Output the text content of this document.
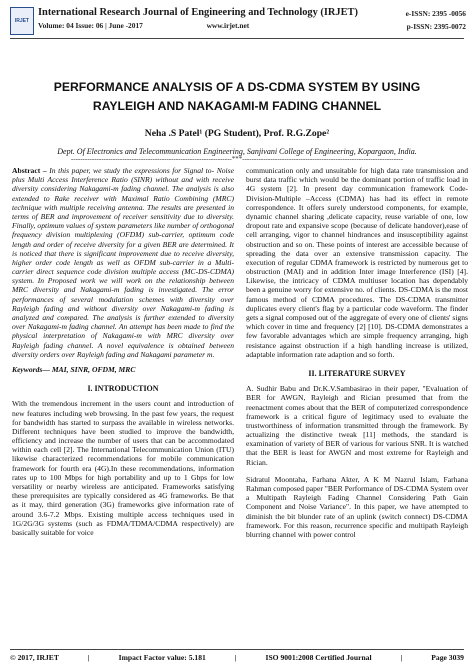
IRJET
International Research Journal of Engineering and Technology (IRJET)
Volume: 04 Issue: 06 | June -2017	www.irjet.net
e-ISSN: 2395 -0056
p-ISSN: 2395-0072
PERFORMANCE ANALYSIS OF A DS-CDMA SYSTEM BY USING RAYLEIGH AND NAKAGAMI-M FADING CHANNEL
Neha .S Patel¹ (PG Student), Prof. R.G.Zope²
Dept. Of Electronics and Telecommunication Engineering, Sanjivani College of Engineering, Kopargaon, India.
---------------------------------------------------------------------***---------------------------------------------------------------------

Abstract – In this paper, we study the expressions for Signal to- Noise plus Multi Access Interference Ratio (SINR) without and with receive diversity considering Nakagami-m fading channel. The analysis is also extended to Rake receiver with Maximal Ratio Combining (MRC) technique with multiple receiving antenna. The results are presented in terms of BER and improvement of receiver sensitivity due to diversity. Finally, optimum values of system parameters like number of orthogonal frequency division multiplexing (OFDM) sub-carrier, optimum code length and order of receive diversity for a given BER are determined. It is noticed that there is significant improvement due to receive diversity, higher order code length as well as OFDM sub-carrier in a Multi-carrier direct sequence code division multiple access (MC-DS-CDMA) system. In Proposed work we will work on the relationship between MRC diversity and Nakagami-m fading is investigated. The error performances of several modulation schemes with diversity over Rayleigh fading and without diversity over Nakagami-m fading is analyzed and compared. The analysis is further extended to diversity over Nakagami-m fading channel. An attempt has been made to find the physical interpretation of Nakagami-m with MRC diversity over Rayleigh fading channel. A novel equivalence is obtained between diversity orders over Rayleigh fading and Nakagami parameter m.

Keywords— MAI, SINR, OFDM, MRC

I. INTRODUCTION

With the tremendous increment in the users count and introduction of new features including web browsing. In the past few years, the request for bandwidth has started to surpass the available in wireless networks. Different techniques have been studied to improve the bandwidth, efficiency and increase the number of users that can be accommodated within each cell [2]. The International Telecommunication Union (ITU) likewise characterized recommendations for mobile communication framework for fourth era (4G).In these recommendations, information rates up to 100 Mbps for high portability and up to 1 Gbps for low versatility or nearby wireless are anticipated. Frameworks satisfying these prerequisites are typically considered as 4G frameworks. Be that as it may, third generation (3G) frameworks give information rate of around 3.6-7.2 Mbps. Existing multiple access techniques used in 1G/2G/3G systems (such as FDMA/TDMA/CDMA respectively) are basically suitable for voice

communication only and unsuitable for high data rate transmission and burst data traffic which would be the dominant portion of traffic load in 4G system [2]. In present day communication framework Code-Division-Multiple –Access (CDMA) has had its effect in remote correspondence. It offers surely understood components, for example, dynamic channel sharing ,delicate capacity, reuse variable of one, low dropout rate and expansive scope (because of delicate handover),ease of cell arranging, vigor to channel hindrances and insusceptibility against obstruction and so on. These points of interest are accessible because of spreading the data over an extensive transmission capacity. The execution of regular CDMA framework is restricted by numerous get to obstruction (MAI) and in addition Inter image Interference (ISI) [4]. Likewise, the intricacy of CDMA multiuser location has dependably been a genuine worry for extensive no. of clients. DS-CDMA is the most famous method of CDMA procedures. The DS-CDMA transmitter duplicates every client's flag by a particular code waveform. The finder gets a signal composed out of the aggregate of every one of clients' signs which cover in time and frequency [2] [10]. DS-CDMA demonstrates a few favorable advantages which are simple frequency arranging, high resistance against obstruction if a high handling increase is utilized, adaptable information rate adaption and so forth.

II. LITERATURE SURVEY

A. Sudhir Babu and Dr.K.V.Sambasirao in their paper, "Evaluation of BER for AWGN, Rayleigh and Rician presumed that from the reenactment comes about that the BER of computerized correspondence framework is a critical figure of legitimacy used to evaluate the trustworthiness of information transmitted through the framework. By actualizing the distinctive tweak [11] methods, the standard is examination of variety of BER of various for various SNR. It is watched that the BER is least for AWGN and most extreme for Rayleigh and Rician.

Sidratul Moontaha, Farhana Akter, A K M Nazrul Islam, Farhana Rahman composed paper "BER Performance of DS-CDMA System over a Multipath Rayleigh Fading Channel Considering Path Gain Component and Noise Variance". In this paper, we have attempted to diminish the bit blunder rate of an uplink (switch connect) DS-CDMA framework. For this reason, recurrence specific and multipath Rayleigh blurring channel with power control

© 2017, IRJET	|	Impact Factor value: 5.181	|	ISO 9001:2008 Certified Journal	|	Page 3039
